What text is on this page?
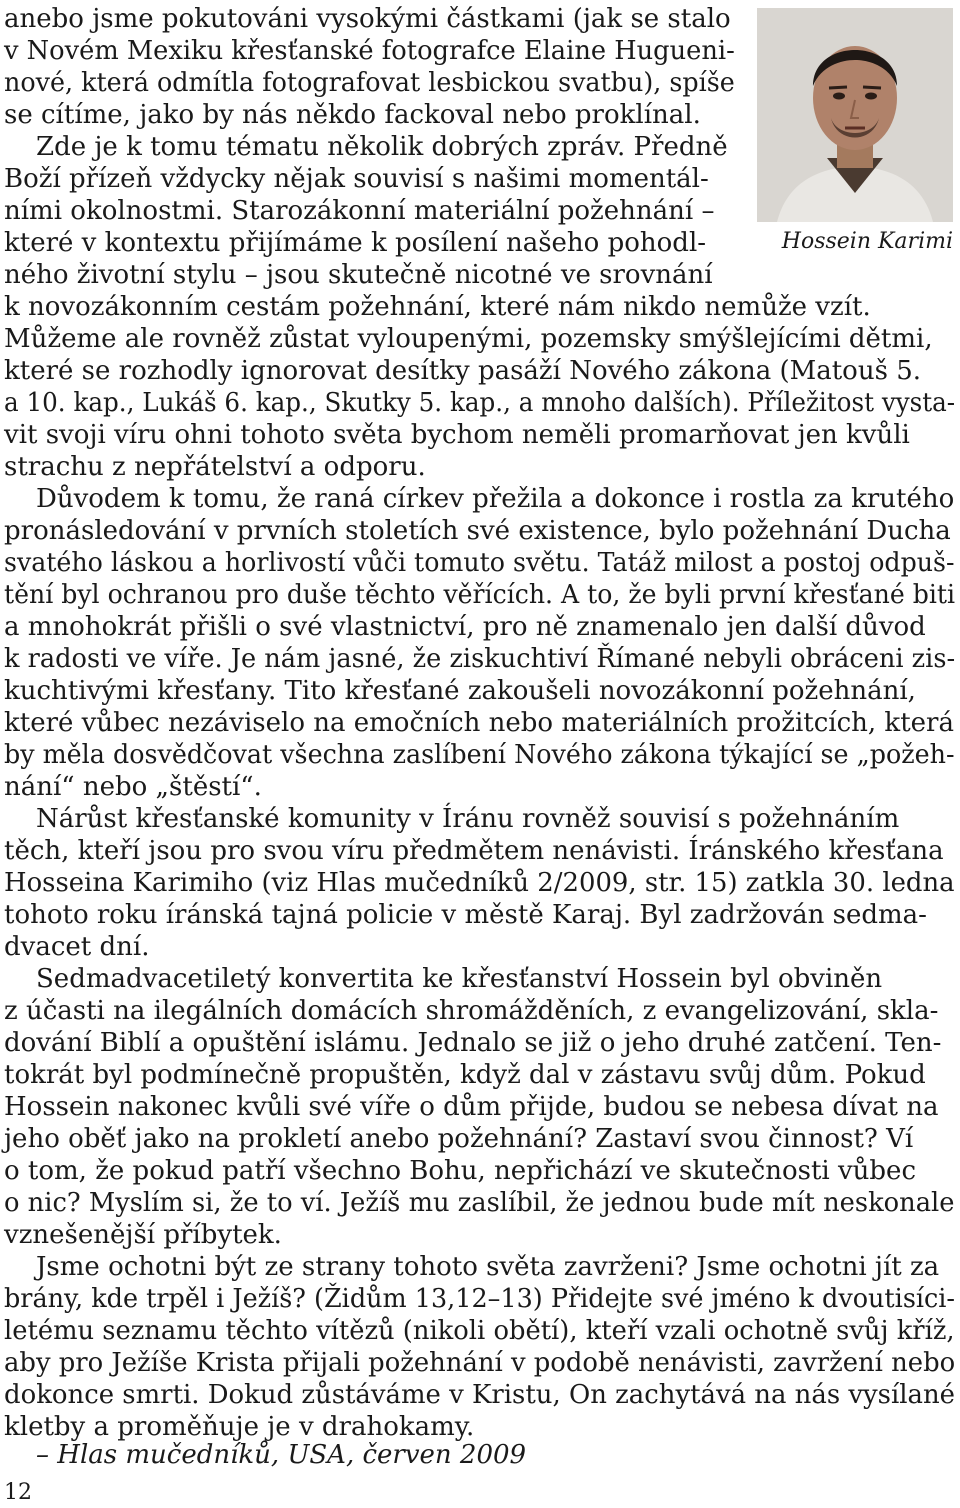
Hossein Karimi
anebo jsme pokutováni vysokými částkami (jak se stalo
v Novém Mexiku křesťanské fotografce Elaine Hugueni-
nové, která odmítla fotografovat lesbickou svatbu), spíše
se cítíme, jako by nás někdo fackoval nebo proklínal.
Zde je k tomu tématu několik dobrých zpráv. Předně
Boží přízeň vždycky nějak souvisí s našimi momentál-
ními okolnostmi. Starozákonní materiální požehnání –
které v kontextu přijímáme k posílení našeho pohodl-
ného životní stylu – jsou skutečně nicotné ve srovnání
k novozákonním cestám požehnání, které nám nikdo nemůže vzít.
Můžeme ale rovněž zůstat vyloupenými, pozemsky smýšlejícími dětmi,
které se rozhodly ignorovat desítky pasáží Nového zákona (Matouš 5.
a 10. kap., Lukáš 6. kap., Skutky 5. kap., a mnoho dalších). Příležitost vysta-
vit svoji víru ohni tohoto světa bychom neměli promarňovat jen kvůli
strachu z nepřátelství a odporu.
Důvodem k tomu, že raná církev přežila a dokonce i rostla za krutého
pronásledování v prvních stoletích své existence, bylo požehnání Ducha
svatého láskou a horlivostí vůči tomuto světu. Tatáž milost a postoj odpuš-
tění byl ochranou pro duše těchto věřících. A to, že byli první křesťané biti
a mnohokrát přišli o své vlastnictví, pro ně znamenalo jen další důvod
k radosti ve víře. Je nám jasné, že ziskuchtiví Římané nebyli obráceni zis-
kuchtivými křesťany. Tito křesťané zakoušeli novozákonní požehnání,
které vůbec nezáviselo na emočních nebo materiálních prožitcích, která
by měla dosvědčovat všechna zaslíbení Nového zákona týkající se „požeh-
nání“ nebo „štěstí“.
Nárůst křesťanské komunity v Íránu rovněž souvisí s požehnáním
těch, kteří jsou pro svou víru předmětem nenávisti. Íránského křesťana
Hosseina Karimiho (viz Hlas mučedníků 2/2009, str. 15) zatkla 30. ledna
tohoto roku íránská tajná policie v městě Karaj. Byl zadržován sedma-
dvacet dní.
Sedmadvacetiletý konvertita ke křesťanství Hossein byl obviněn
z účasti na ilegálních domácích shromážděních, z evangelizování, skla-
dování Biblí a opuštění islámu. Jednalo se již o jeho druhé zatčení. Ten-
tokrát byl podmínečně propuštěn, když dal v zástavu svůj dům. Pokud
Hossein nakonec kvůli své víře o dům přijde, budou se nebesa dívat na
jeho oběť jako na prokletí anebo požehnání? Zastaví svou činnost? Ví
o tom, že pokud patří všechno Bohu, nepřichází ve skutečnosti vůbec
o nic? Myslím si, že to ví. Ježíš mu zaslíbil, že jednou bude mít neskonale
vznešenější příbytek.
Jsme ochotni být ze strany tohoto světa zavrženi? Jsme ochotni jít za
brány, kde trpěl i Ježíš? (Židům 13,12–13) Přidejte své jméno k dvoutisíci-
letému seznamu těchto vítězů (nikoli obětí), kteří vzali ochotně svůj kříž,
aby pro Ježíše Krista přijali požehnání v podobě nenávisti, zavržení nebo
dokonce smrti. Dokud zůstáváme v Kristu, On zachytává na nás vysílané
kletby a proměňuje je v drahokamy.
– Hlas mučedníků, USA, červen 2009
12
